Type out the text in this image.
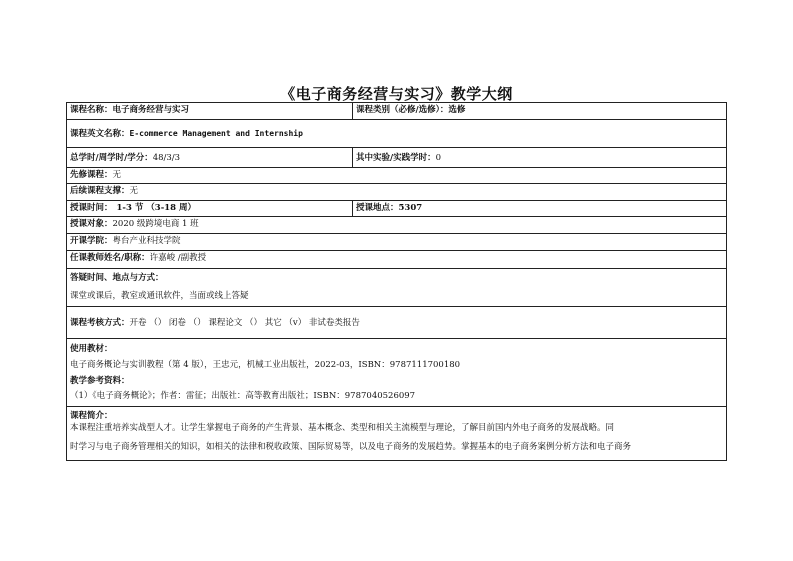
《电子商务经营与实习》教学大纲
课程名称：电子商务经营与实习	课程类别（必修/选修）：选修
课程英文名称：E-commerce Management and Internship
总学时/周学时/学分：48/3/3	其中实验/实践学时：0
先修课程：无
后续课程支撑：无
授课时间： 1-3 节 （3-18 周）	授课地点：5307
授课对象：2020 级跨境电商 1 班
开课学院：粤台产业科技学院
任课教师姓名/职称：许嘉峻 /副教授
答疑时间、地点与方式：
课堂或课后，教室或通讯软件，当面或线上答疑
课程考核方式：开卷 （） 闭卷 （） 课程论文 （） 其它 （v） 非试卷类报告
使用教材：
电子商务概论与实训教程（第 4 版），王忠元，机械工业出版社，2022-03，ISBN：9787111700180
教学参考资料：
（1）《电子商务概论》；作者：雷征；出版社：高等教育出版社；ISBN：9787040526097
课程简介：
本课程注重培养实战型人才。让学生掌握电子商务的产生背景、基本概念、类型和相关主流模型与理论，了解目前国内外电子商务的发展战略。同
时学习与电子商务管理相关的知识，如相关的法律和税收政策、国际贸易等，以及电子商务的发展趋势。掌握基本的电子商务案例分析方法和电子商务
